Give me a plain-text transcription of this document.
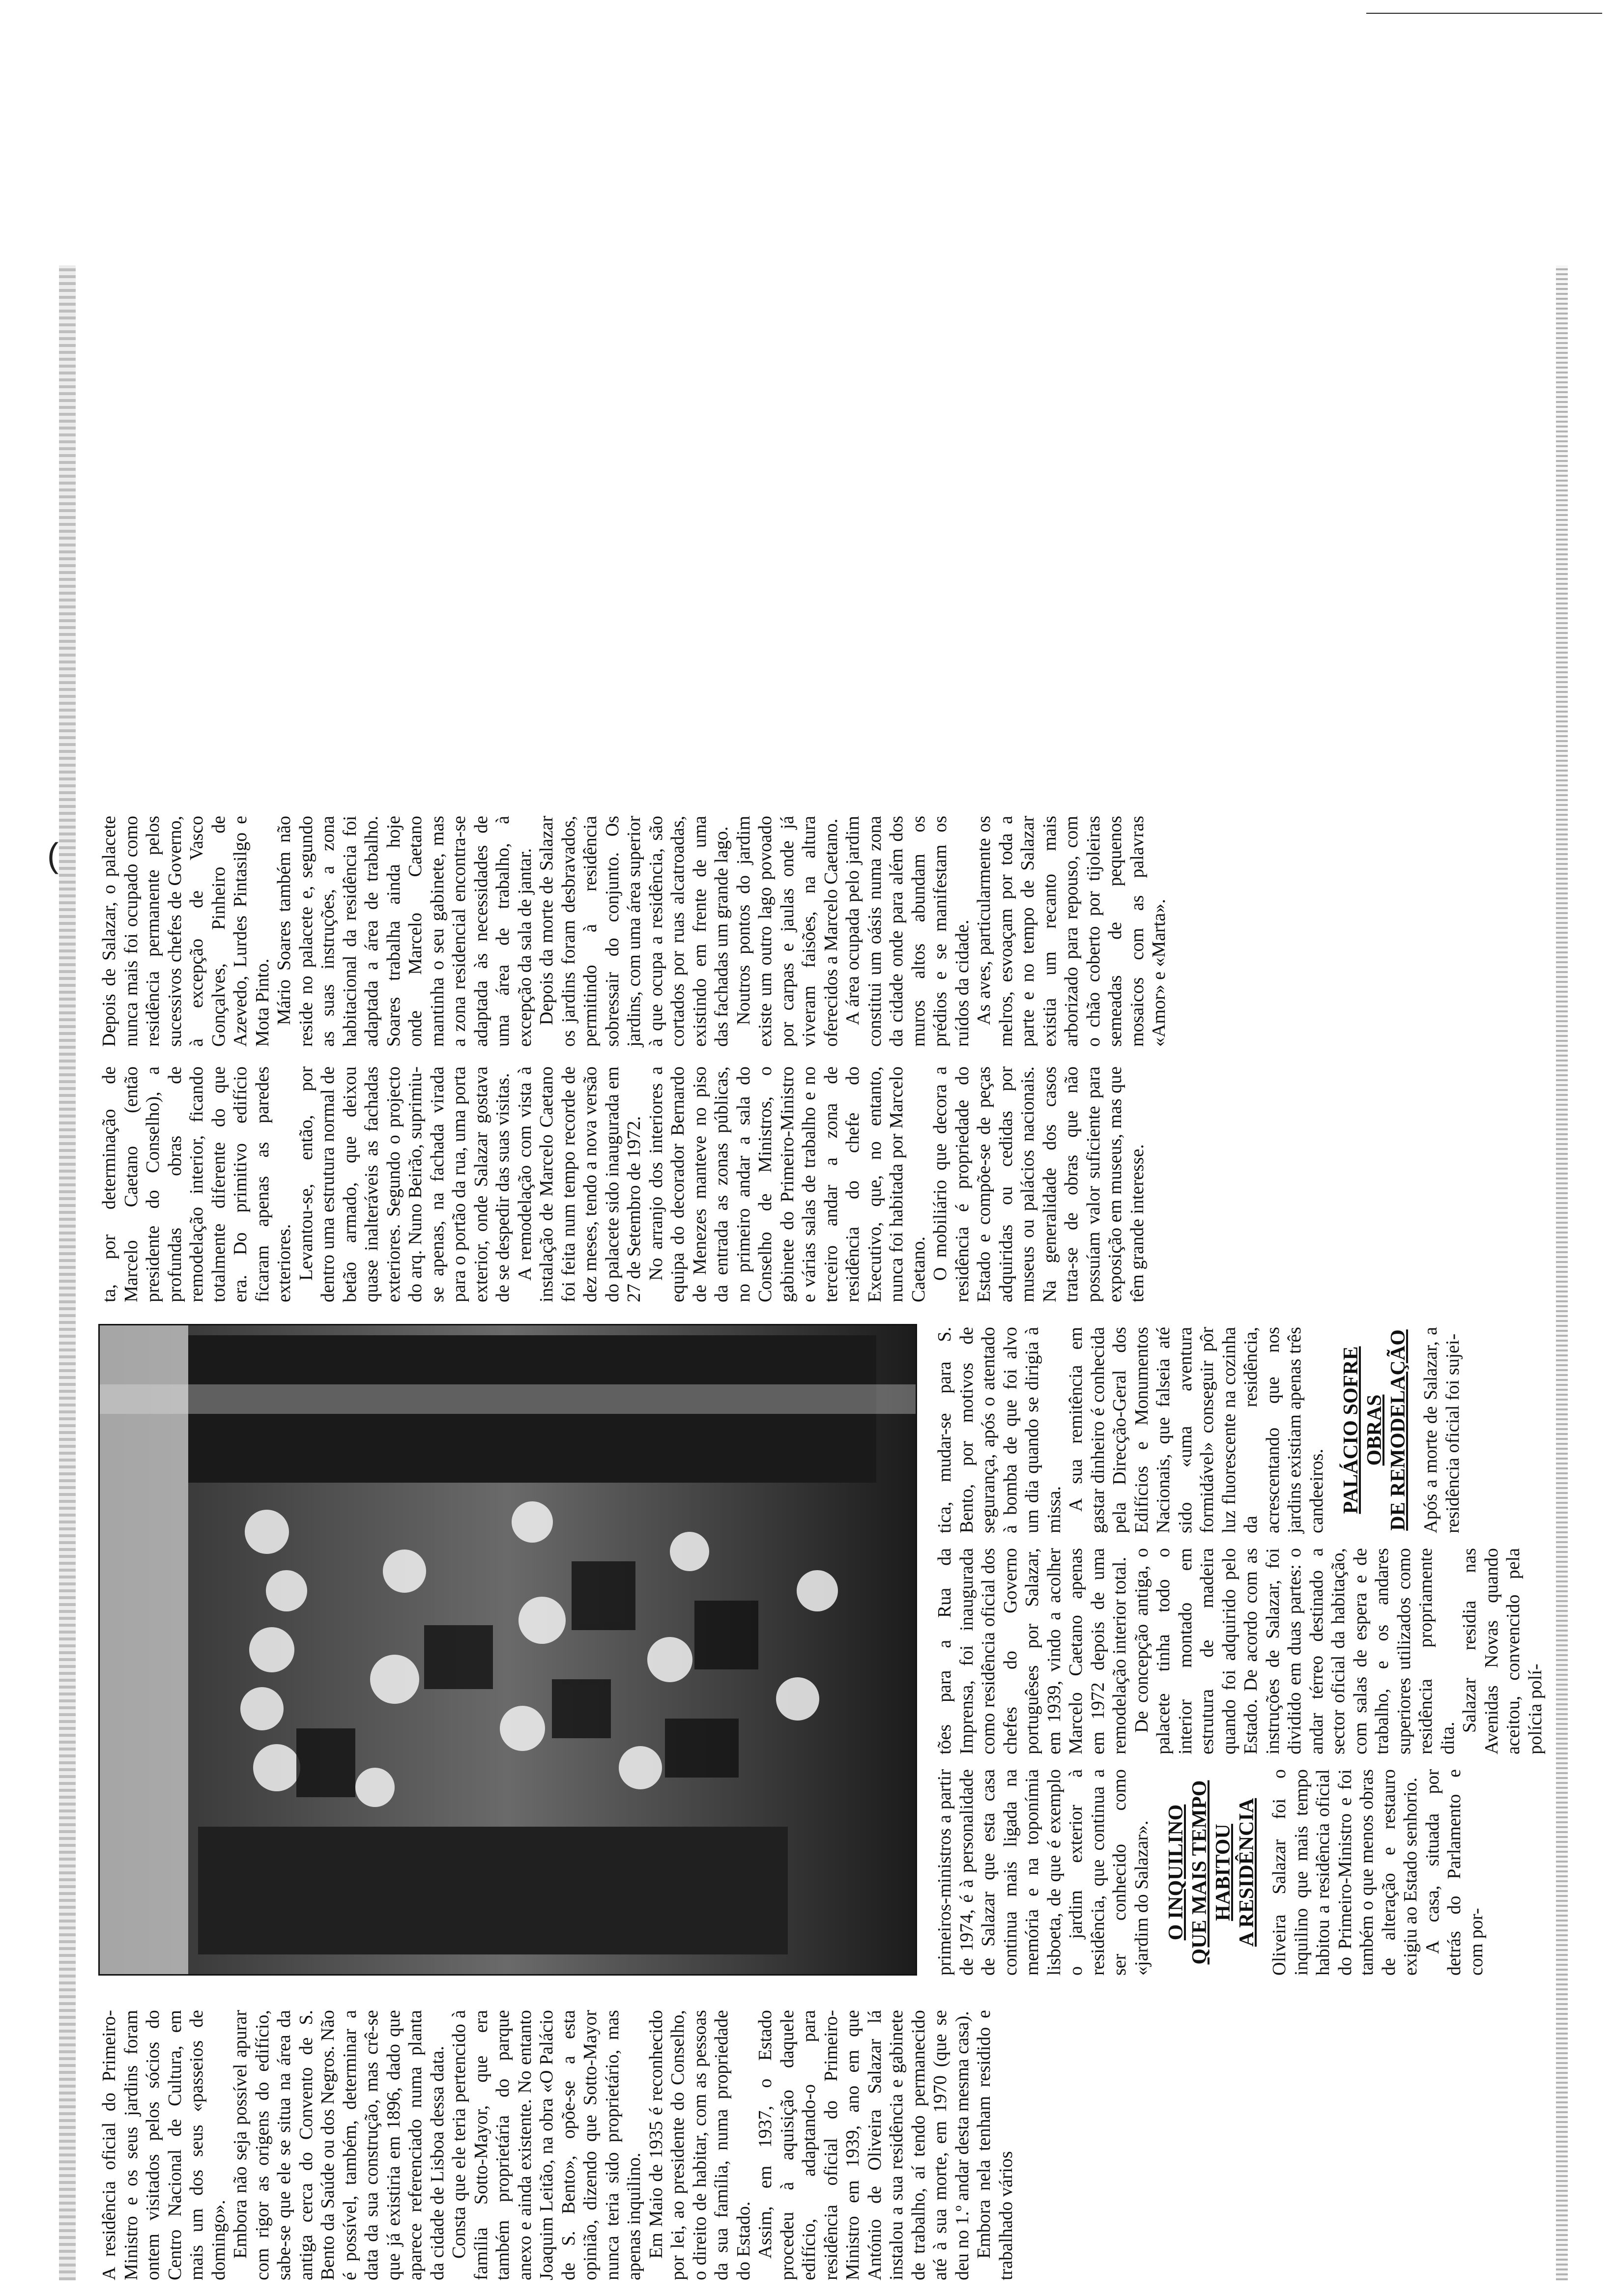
(

A residência oficial do Primeiro-Ministro e os seus jardins foram ontem visitados pelos sócios do Centro Nacional de Cultura, em mais um dos seus «passeios de domingo». Embora não seja possível apurar com rigor as origens do edifício, sabe-se que ele se situa na área da antiga cerca do Convento de S. Bento da Saúde ou dos Negros. Não é possível, também, determinar a data da sua construção, mas crê-se que já existiria em 1896, dado que aparece referenciado numa planta da cidade de Lisboa dessa data. Consta que ele teria pertencido à família Sotto-Mayor, que era também proprietária do parque anexo e ainda existente. No entanto Joaquim Leitão, na obra «O Palácio de S. Bento», opõe-se a esta opinião, dizendo que Sotto-Mayor nunca teria sido proprietário, mas apenas inquilino. Em Maio de 1935 é reconhecido por lei, ao presidente do Conselho, o direito de habitar, com as pessoas da sua família, numa propriedade do Estado. Assim, em 1937, o Estado procedeu à aquisição daquele edifício, adaptando-o para residência oficial do Primeiro-Ministro em 1939, ano em que António de Oliveira Salazar lá instalou a sua residência e gabinete de trabalho, aí tendo permanecido até à sua morte, em 1970 (que se deu no 1.º andar desta mesma casa). Embora nela tenham residido e trabalhado vários

primeiros-ministros a partir de 1974, é à personalidade de Salazar que esta casa continua mais ligada na memória e na toponímia lisboeta, de que é exemplo o jardim exterior à residência, que continua a ser conhecido como «jardim do Salazar». O INQUILINO QUE MAIS TEMPO HABITOU A RESIDÊNCIA Oliveira Salazar foi o inquilino que mais tempo habitou a residência oficial do Primeiro-Ministro e foi também o que menos obras de alteração e restauro exigiu ao Estado senhorio. A casa, situada por detrás do Parlamento e com por-

tões para a Rua da Imprensa, foi inaugurada como residência oficial dos chefes do Governo portuguêses por Salazar, em 1939, vindo a acolher Marcelo Caetano apenas em 1972 depois de uma remodelação interior total. De concepção antiga, o palacete tinha todo o interior montado em estrutura de madeira quando foi adquirido pelo Estado. De acordo com as instruções de Salazar, foi dividido em duas partes: o andar térreo destinado a sector oficial da habitação, com salas de espera e de trabalho, e os andares superiores utilizados como residência propriamente dita.

Salazar residia nas Avenidas Novas quando aceitou, convencido pela polícia polí-

tica, mudar-se para S. Bento, por motivos de segurança, após o atentado à bomba de que foi alvo um dia quando se dirigia à missa. A sua remitência em gastar dinheiro é conhecida pela Direcção-Geral dos Edifícios e Monumentos Nacionais, que falseia até sido «uma aventura formidável» conseguir pôr luz fluorescente na cozinha da residência, acrescentando que nos jardins existiam apenas três candeeiros. PALÁCIO SOFRE OBRAS DE REMODELAÇÃO Após a morte de Salazar, a residência oficial foi sujei-

ta, por determinação de Marcelo Caetano (então presidente do Conselho), a profundas obras de remodelação interior, ficando totalmente diferente do que era. Do primitivo edifício ficaram apenas as paredes exteriores. Levantou-se, então, por dentro uma estrutura normal de betão armado, que deixou quase inalteráveis as fachadas exteriores. Segundo o projecto do arq. Nuno Beirão, suprimiu-se apenas, na fachada virada para o portão da rua, uma porta exterior, onde Salazar gostava de se despedir das suas visitas. A remodelação com vista à instalação de Marcelo Caetano foi feita num tempo recorde de dez meses, tendo a nova versão do palacete sido inaugurada em 27 de Setembro de 1972. No arranjo dos interiores a equipa do decorador Bernardo de Menezes manteve no piso da entrada as zonas públicas, no primeiro andar a sala do Conselho de Ministros, o gabinete do Primeiro-Ministro e várias salas de trabalho e no terceiro andar a zona de residência do chefe do Executivo, que, no entanto, nunca foi habitada por Marcelo Caetano. O mobiliário que decora a residência é propriedade do Estado e compõe-se de peças adquiridas ou cedidas por museus ou palácios nacionais. Na generalidade dos casos trata-se de obras que não possuíam valor suficiente para exposição em museus, mas que têm grande interesse.

Depois de Salazar, o palacete nunca mais foi ocupado como residência permanente pelos sucessivos chefes de Governo, à excepção de Vasco Gonçalves, Pinheiro de Azevedo, Lurdes Pintasilgo e Mota Pinto. Mário Soares também não reside no palacete e, segundo as suas instruções, a zona habitacional da residência foi adaptada a área de trabalho. Soares trabalha ainda hoje onde Marcelo Caetano mantinha o seu gabinete, mas a zona residencial encontra-se adaptada às necessidades de uma área de trabalho, à excepção da sala de jantar. Depois da morte de Salazar os jardins foram desbravados, permitindo à residência sobressair do conjunto. Os jardins, com uma área superior à que ocupa a residência, são cortados por ruas alcatroadas, existindo em frente de uma das fachadas um grande lago. Noutros pontos do jardim existe um outro lago povoado por carpas e jaulas onde já viveram faisões, na altura oferecidos a Marcelo Caetano. A área ocupada pelo jardim constitui um oásis numa zona da cidade onde para além dos muros altos abundam os prédios e se manifestam os ruídos da cidade. As aves, particularmente os melros, esvoaçam por toda a parte e no tempo de Salazar existia um recanto mais arborizado para repouso, com o chão coberto por tijoleiras semeadas de pequenos mosaicos com as palavras «Amor» e «Marta».
